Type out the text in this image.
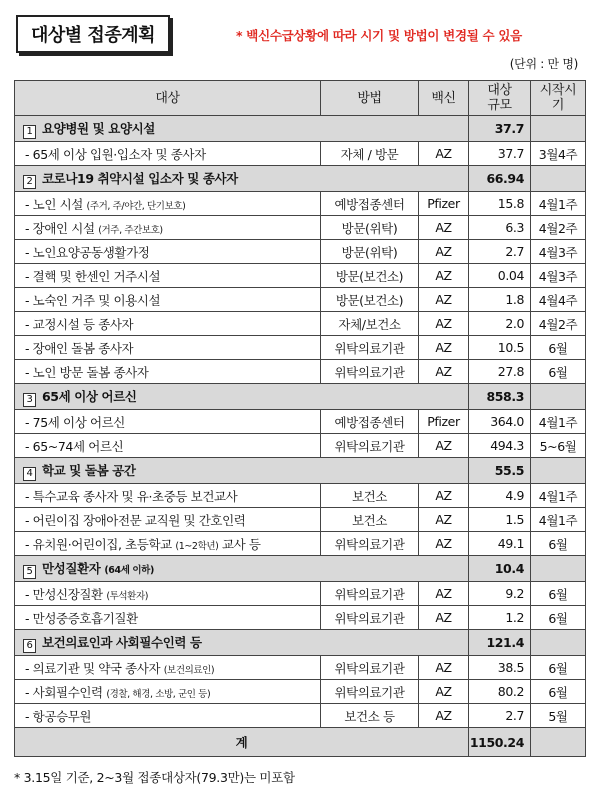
대상별 접종계획	* 백신수급상황에 따라 시기 및 방법이 변경될 수 있음
(단위 : 만 명)
대상	방법	백신	대상 규모	시작시기

1 요양병원 및 요양시설			37.7	
- 65세 이상 입원·입소자 및 종사자	자체 / 방문	AZ	37.7	3월4주
2 코로나19 취약시설 입소자 및 종사자			66.94	
- 노인 시설 (주거, 주/야간, 단기보호)	예방접종센터	Pfizer	15.8	4월1주
- 장애인 시설 (거주, 주간보호)	방문(위탁)	AZ	6.3	4월2주
- 노인요양공동생활가정	방문(위탁)	AZ	2.7	4월3주
- 결핵 및 한센인 거주시설	방문(보건소)	AZ	0.04	4월3주
- 노숙인 거주 및 이용시설	방문(보건소)	AZ	1.8	4월4주
- 교정시설 등 종사자	자체/보건소	AZ	2.0	4월2주
- 장애인 돌봄 종사자	위탁의료기관	AZ	10.5	6월
- 노인 방문 돌봄 종사자	위탁의료기관	AZ	27.8	6월
3 65세 이상 어르신			858.3	
- 75세 이상 어르신	예방접종센터	Pfizer	364.0	4월1주
- 65~74세 어르신	위탁의료기관	AZ	494.3	5~6월
4 학교 및 돌봄 공간			55.5	
- 특수교육 종사자 및 유·초중등 보건교사	보건소	AZ	4.9	4월1주
- 어린이집 장애아전문 교직원 및 간호인력	보건소	AZ	1.5	4월1주
- 유치원·어린이집, 초등학교 (1~2학년) 교사 등	위탁의료기관	AZ	49.1	6월
5 만성질환자 (64세 이하)			10.4	
- 만성신장질환 (투석환자)	위탁의료기관	AZ	9.2	6월
- 만성중증호흡기질환	위탁의료기관	AZ	1.2	6월
6 보건의료인과 사회필수인력 등			121.4	
- 의료기관 및 약국 종사자 (보건의료인)	위탁의료기관	AZ	38.5	6월
- 사회필수인력 (경찰, 해경, 소방, 군인 등)	위탁의료기관	AZ	80.2	6월
- 항공승무원	보건소 등	AZ	2.7	5월
계			1150.24	
* 3.15일 기준, 2~3월 접종대상자(79.3만)는 미포함
